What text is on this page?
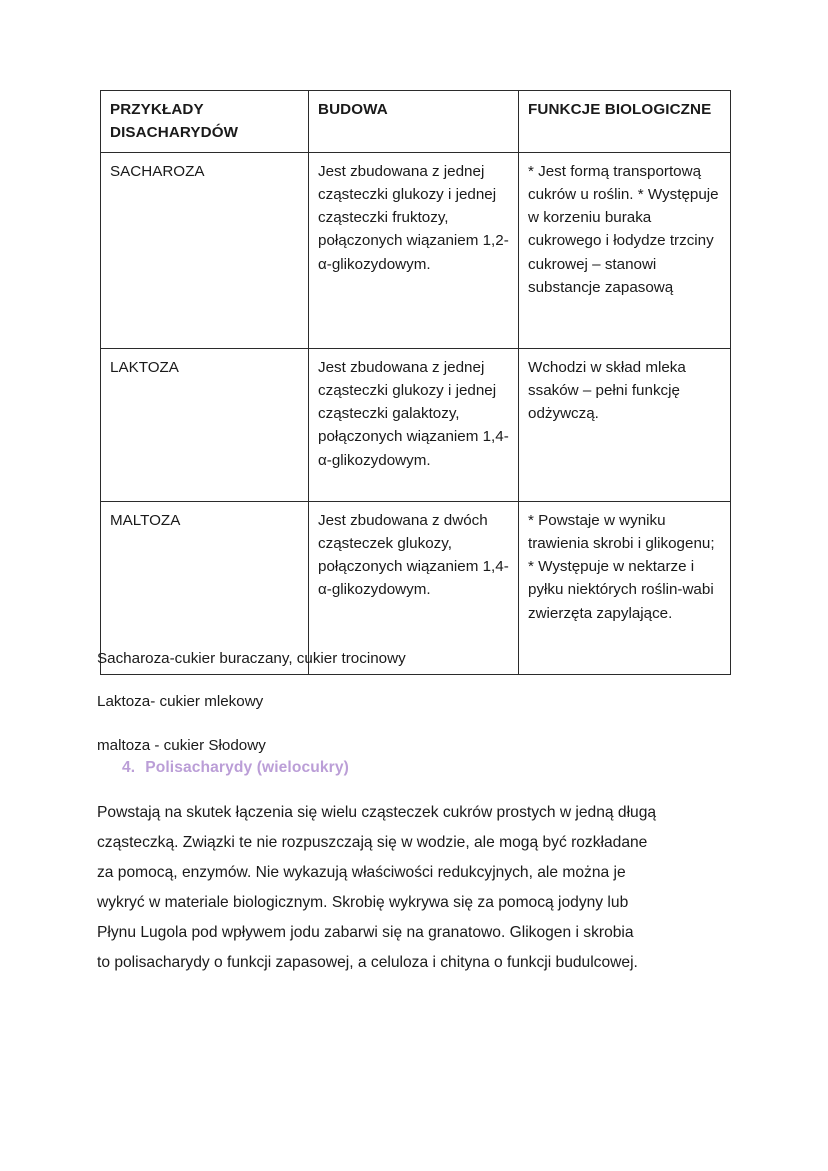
PRZYKŁADY
DISACHARYDÓW	BUDOWA	FUNKCJE BIOLOGICZNE
SACHAROZA	Jest zbudowana z jednej cząsteczki glukozy i jednej cząsteczki fruktozy, połączonych wiązaniem 1,2-α-glikozydowym.	* Jest formą transportową cukrów u roślin. * Występuje w korzeniu buraka cukrowego i łodydze trzciny cukrowej – stanowi substancje zapasową
LAKTOZA	Jest zbudowana z jednej cząsteczki glukozy i jednej cząsteczki galaktozy, połączonych wiązaniem 1,4-α-glikozydowym.	Wchodzi w skład mleka ssaków – pełni funkcję odżywczą.
MALTOZA	Jest zbudowana z dwóch cząsteczek glukozy, połączonych wiązaniem 1,4-α-glikozydowym.	* Powstaje w wyniku trawienia skrobi i glikogenu; * Występuje w nektarze i pyłku niektórych roślin-wabi zwierzęta zapylające.

Sacharoza-cukier buraczany, cukier trocinowy

Laktoza- cukier mlekowy

maltoza - cukier Słodowy

4. Polisacharydy (wielocukry)
Powstają na skutek łączenia się wielu cząsteczek cukrów prostych w jedną długą
cząsteczką. Związki te nie rozpuszczają się w wodzie, ale mogą być rozkładane
za pomocą, enzymów. Nie wykazują właściwości redukcyjnych, ale można je
wykryć w materiale biologicznym. Skrobię wykrywa się za pomocą jodyny lub
Płynu Lugola pod wpływem jodu zabarwi się na granatowo. Glikogen i skrobia
to polisacharydy o funkcji zapasowej, a celuloza i chityna o funkcji budulcowej.
